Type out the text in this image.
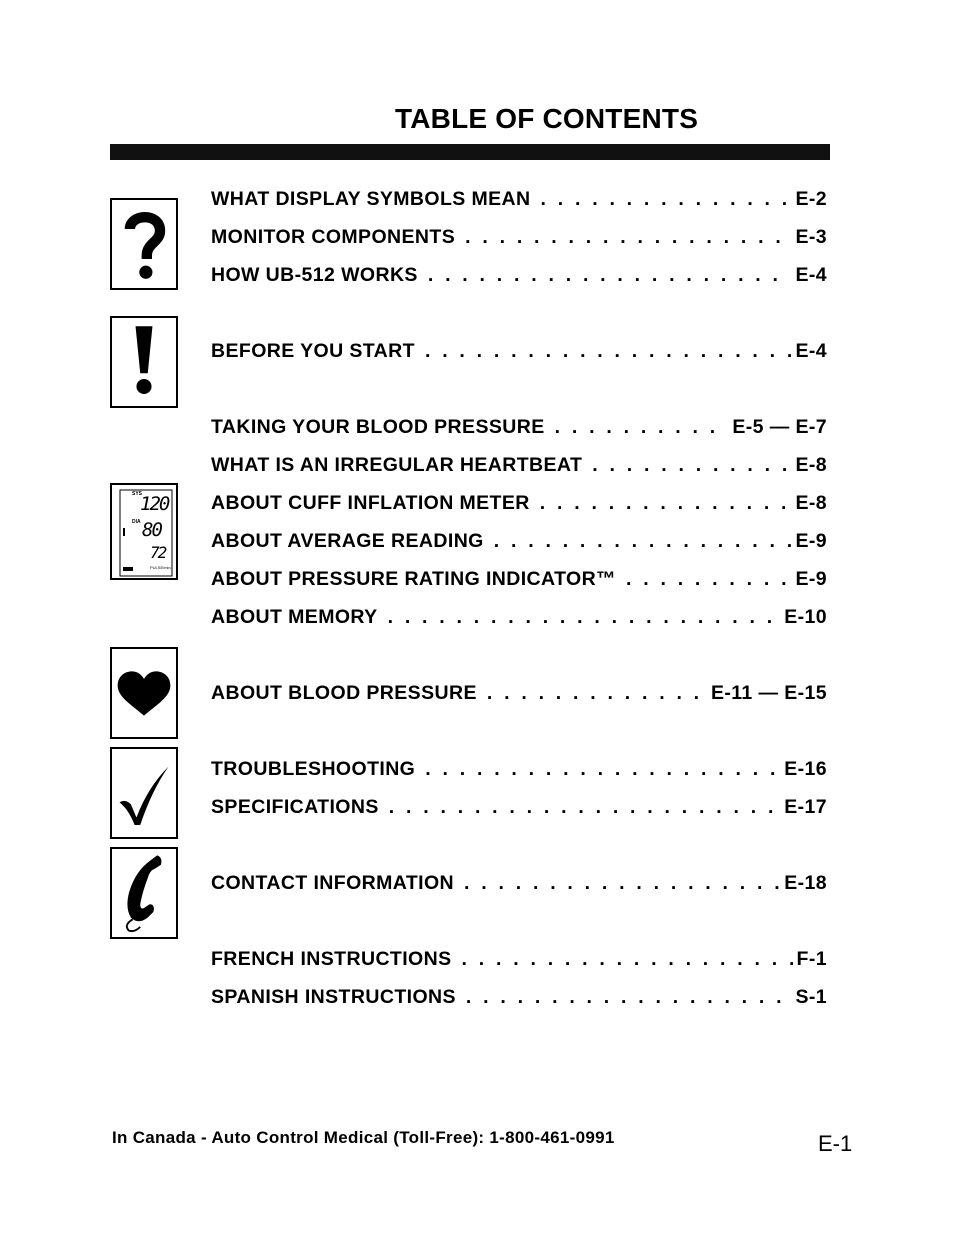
TABLE OF CONTENTS
SYS
120
DIA 80
72
PULSE/min
WHAT DISPLAY SYMBOLS MEAN . . .	E-2
MONITOR COMPONENTS . . .	E-3
HOW UB-512 WORKS . . .	E-4
BEFORE YOU START . . .	E-4
TAKING YOUR BLOOD PRESSURE . . .	E-5 — E-7
WHAT IS AN IRREGULAR HEARTBEAT . . .	E-8
ABOUT CUFF INFLATION METER . . .	E-8
ABOUT AVERAGE READING . . .	E-9
ABOUT PRESSURE RATING INDICATOR™ . . .	E-9
ABOUT MEMORY . . .	E-10
ABOUT BLOOD PRESSURE . . .	E-11 — E-15
TROUBLESHOOTING . . .	E-16
SPECIFICATIONS . . .	E-17
CONTACT INFORMATION . . .	E-18
FRENCH INSTRUCTIONS . . .	F-1
SPANISH INSTRUCTIONS . . .	S-1
In Canada - Auto Control Medical (Toll-Free): 1-800-461-0991	E-1
